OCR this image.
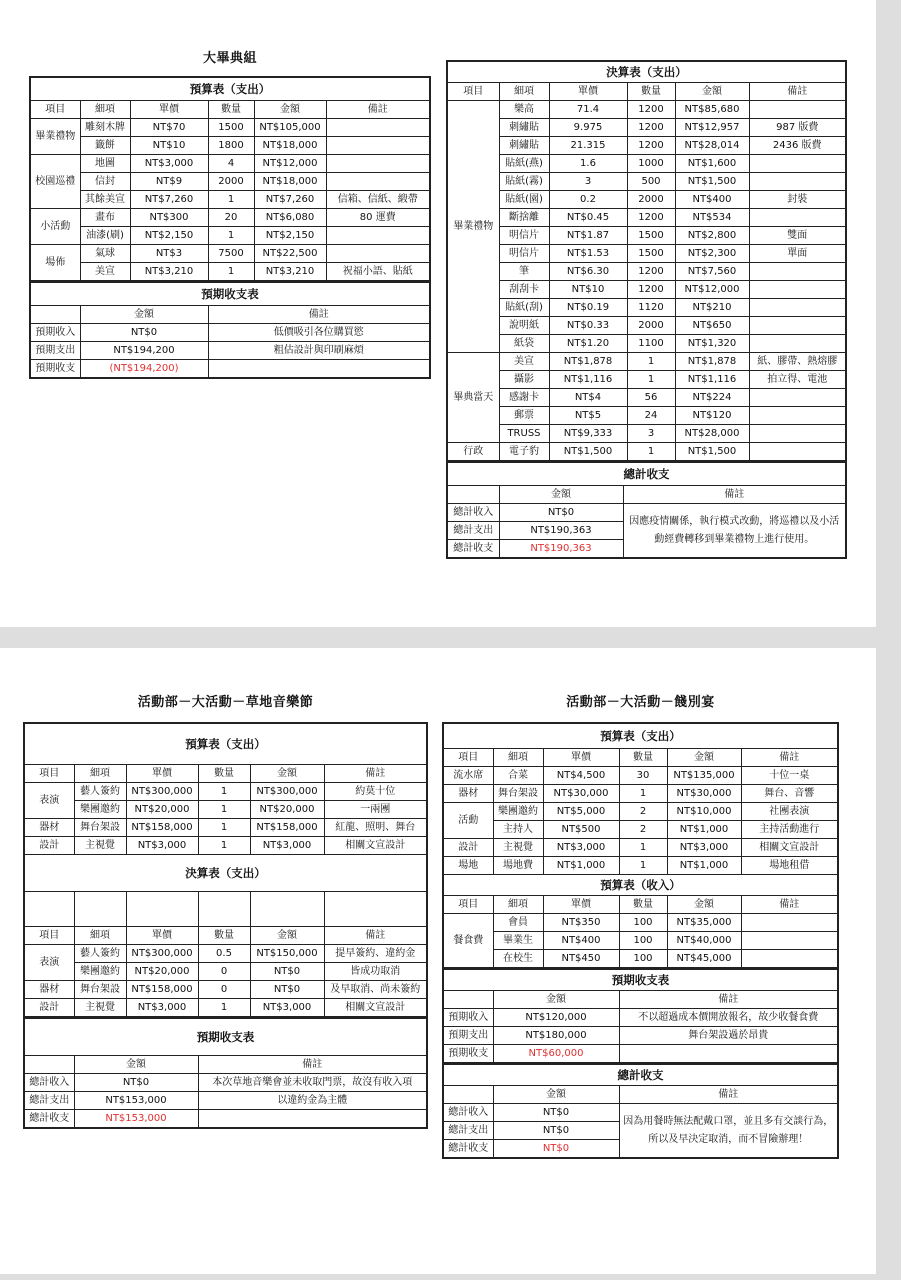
大畢典組
預算表（支出）					
項目	細項	單價	數量	金額	備註
畢業禮物	雕刻木牌	NT$70	1500	NT$105,000	
	籤餅	NT$10	1800	NT$18,000	
校園巡禮	地圖	NT$3,000	4	NT$12,000	
	信封	NT$9	2000	NT$18,000	
	其餘美宣	NT$7,260	1	NT$7,260	信箱、信紙、緞帶
小活動	畫布	NT$300	20	NT$6,080	80 運費
	油漆(刷)	NT$2,150	1	NT$2,150	
場佈	氣球	NT$3	7500	NT$22,500	
	美宣	NT$3,210	1	NT$3,210	祝福小語、貼紙
預期收支表		
	金額	備註
預期收入	NT$0	低價吸引各位購買慾
預期支出	NT$194,200	粗估設計與印刷麻煩
預期收支	(NT$194,200)	
決算表（支出）					
項目	細項	單價	數量	金額	備註
畢業禮物	樂高	71.4	1200	NT$85,680	
	刺繡貼	9.975	1200	NT$12,957	987 版費
	刺繡貼	21.315	1200	NT$28,014	2436 版費
	貼紙(燕)	1.6	1000	NT$1,600	
	貼紙(霧)	3	500	NT$1,500	
	貼紙(園)	0.2	2000	NT$400	封裝
	斷捨離	NT$0.45	1200	NT$534	
	明信片	NT$1.87	1500	NT$2,800	雙面
	明信片	NT$1.53	1500	NT$2,300	單面
	筆	NT$6.30	1200	NT$7,560	
	刮刮卡	NT$10	1200	NT$12,000	
	貼紙(刮)	NT$0.19	1120	NT$210	
	說明紙	NT$0.33	2000	NT$650	
	紙袋	NT$1.20	1100	NT$1,320	
畢典當天	美宣	NT$1,878	1	NT$1,878	紙、膠帶、熱熔膠
	攝影	NT$1,116	1	NT$1,116	拍立得、電池
	感謝卡	NT$4	56	NT$224	
	郵票	NT$5	24	NT$120	
	TRUSS	NT$9,333	3	NT$28,000	
行政	電子豹	NT$1,500	1	NT$1,500	
總計收支		
	金額	備註
總計收入	NT$0	因應疫情關係，執行模式改動，將巡禮以及小活動經費轉移到畢業禮物上進行使用。
總計支出	NT$190,363	
總計收支	NT$190,363	
活動部－大活動－草地音樂節
預算表（支出）					
項目	細項	單價	數量	金額	備註
表演	藝人簽約	NT$300,000	1	NT$300,000	約莫十位
	樂團邀約	NT$20,000	1	NT$20,000	一兩團
器材	舞台架設	NT$158,000	1	NT$158,000	紅龍、照明、舞台
設計	主視覺	NT$3,000	1	NT$3,000	相關文宣設計
決算表（支出）					

項目	細項	單價	數量	金額	備註
表演	藝人簽約	NT$300,000	0.5	NT$150,000	提早簽約、違約金
	樂團邀約	NT$20,000	0	NT$0	皆成功取消
器材	舞台架設	NT$158,000	0	NT$0	及早取消、尚未簽約
設計	主視覺	NT$3,000	1	NT$3,000	相關文宣設計
預期收支表		
	金額	備註
總計收入	NT$0	本次草地音樂會並未收取門票，故沒有收入項
總計支出	NT$153,000	以違約金為主體
總計收支	NT$153,000	
活動部－大活動－餞別宴
預算表（支出）					
項目	細項	單價	數量	金額	備註
流水席	合菜	NT$4,500	30	NT$135,000	十位一桌
器材	舞台架設	NT$30,000	1	NT$30,000	舞台、音響
活動	樂團邀約	NT$5,000	2	NT$10,000	社團表演
	主持人	NT$500	2	NT$1,000	主持活動進行
設計	主視覺	NT$3,000	1	NT$3,000	相關文宣設計
場地	場地費	NT$1,000	1	NT$1,000	場地租借
預算表（收入）					
項目	細項	單價	數量	金額	備註
餐食費	會員	NT$350	100	NT$35,000	
	畢業生	NT$400	100	NT$40,000	
	在校生	NT$450	100	NT$45,000	
預期收支表		
	金額	備註
預期收入	NT$120,000	不以超過成本價開放報名，故少收餐食費
預期支出	NT$180,000	舞台架設過於昂貴
預期收支	NT$60,000	
總計收支		
	金額	備註
總計收入	NT$0	因為用餐時無法配戴口罩，並且多有交談行為，所以及早決定取消，而不冒險辦理！
總計支出	NT$0	
總計收支	NT$0	
